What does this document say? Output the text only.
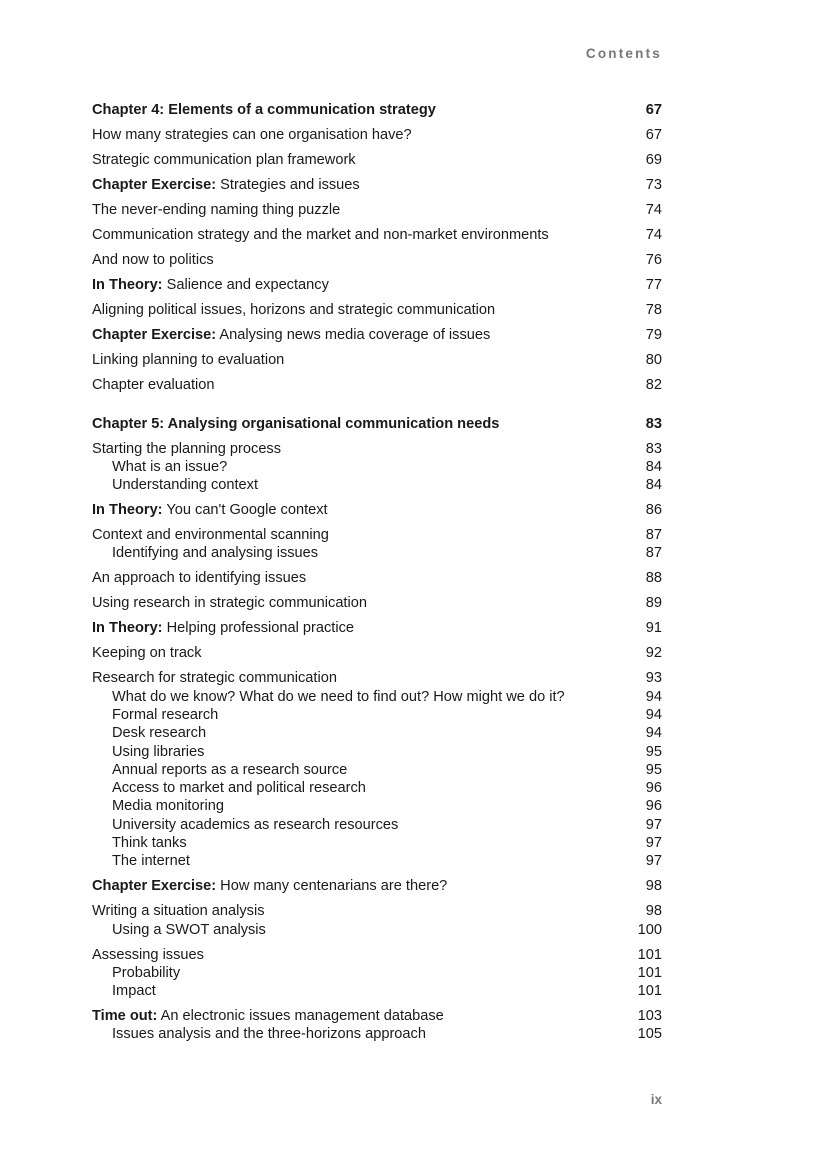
Contents
Chapter 4: Elements of a communication strategy	67
How many strategies can one organisation have?	67
Strategic communication plan framework	69
Chapter Exercise: Strategies and issues	73
The never-ending naming thing puzzle	74
Communication strategy and the market and non-market environments	74
And now to politics	76
In Theory: Salience and expectancy	77
Aligning political issues, horizons and strategic communication	78
Chapter Exercise: Analysing news media coverage of issues	79
Linking planning to evaluation	80
Chapter evaluation	82
Chapter 5: Analysing organisational communication needs	83
Starting the planning process	83
What is an issue?	84
Understanding context	84
In Theory: You can't Google context	86
Context and environmental scanning	87
Identifying and analysing issues	87
An approach to identifying issues	88
Using research in strategic communication	89
In Theory: Helping professional practice	91
Keeping on track	92
Research for strategic communication	93
What do we know? What do we need to find out? How might we do it?	94
Formal research	94
Desk research	94
Using libraries	95
Annual reports as a research source	95
Access to market and political research	96
Media monitoring	96
University academics as research resources	97
Think tanks	97
The internet	97
Chapter Exercise: How many centenarians are there?	98
Writing a situation analysis	98
Using a SWOT analysis	100
Assessing issues	101
Probability	101
Impact	101
Time out: An electronic issues management database	103
Issues analysis and the three-horizons approach	105
ix
